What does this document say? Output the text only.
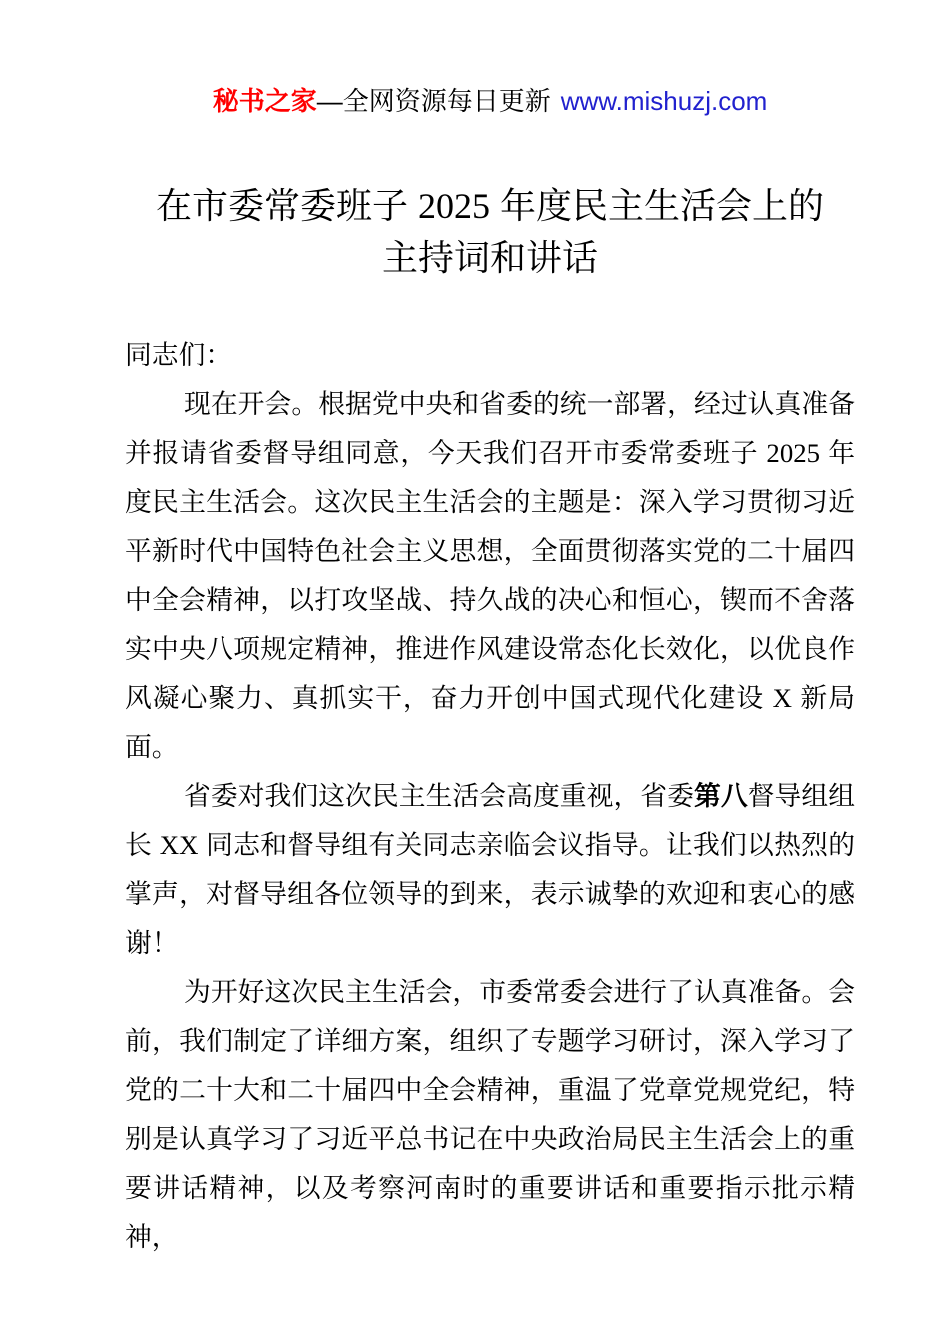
秘书之家—全网资源每日更新 www.mishuzj.com
在市委常委班子 2025 年度民主生活会上的
主持词和讲话

同志们：

现在开会。根据党中央和省委的统一部署，经过认真准备并报请省委督导组同意，今天我们召开市委常委班子 2025 年度民主生活会。这次民主生活会的主题是：深入学习贯彻习近平新时代中国特色社会主义思想，全面贯彻落实党的二十届四中全会精神，以打攻坚战、持久战的决心和恒心，锲而不舍落实中央八项规定精神，推进作风建设常态化长效化，以优良作风凝心聚力、真抓实干，奋力开创中国式现代化建设 X 新局面。

省委对我们这次民主生活会高度重视，省委第八督导组组长 XX 同志和督导组有关同志亲临会议指导。让我们以热烈的掌声，对督导组各位领导的到来，表示诚挚的欢迎和衷心的感谢！

为开好这次民主生活会，市委常委会进行了认真准备。会前，我们制定了详细方案，组织了专题学习研讨，深入学习了党的二十大和二十届四中全会精神，重温了党章党规党纪，特别是认真学习了习近平总书记在中央政治局民主生活会上的重要讲话精神，以及考察河南时的重要讲话和重要指示批示精神，
